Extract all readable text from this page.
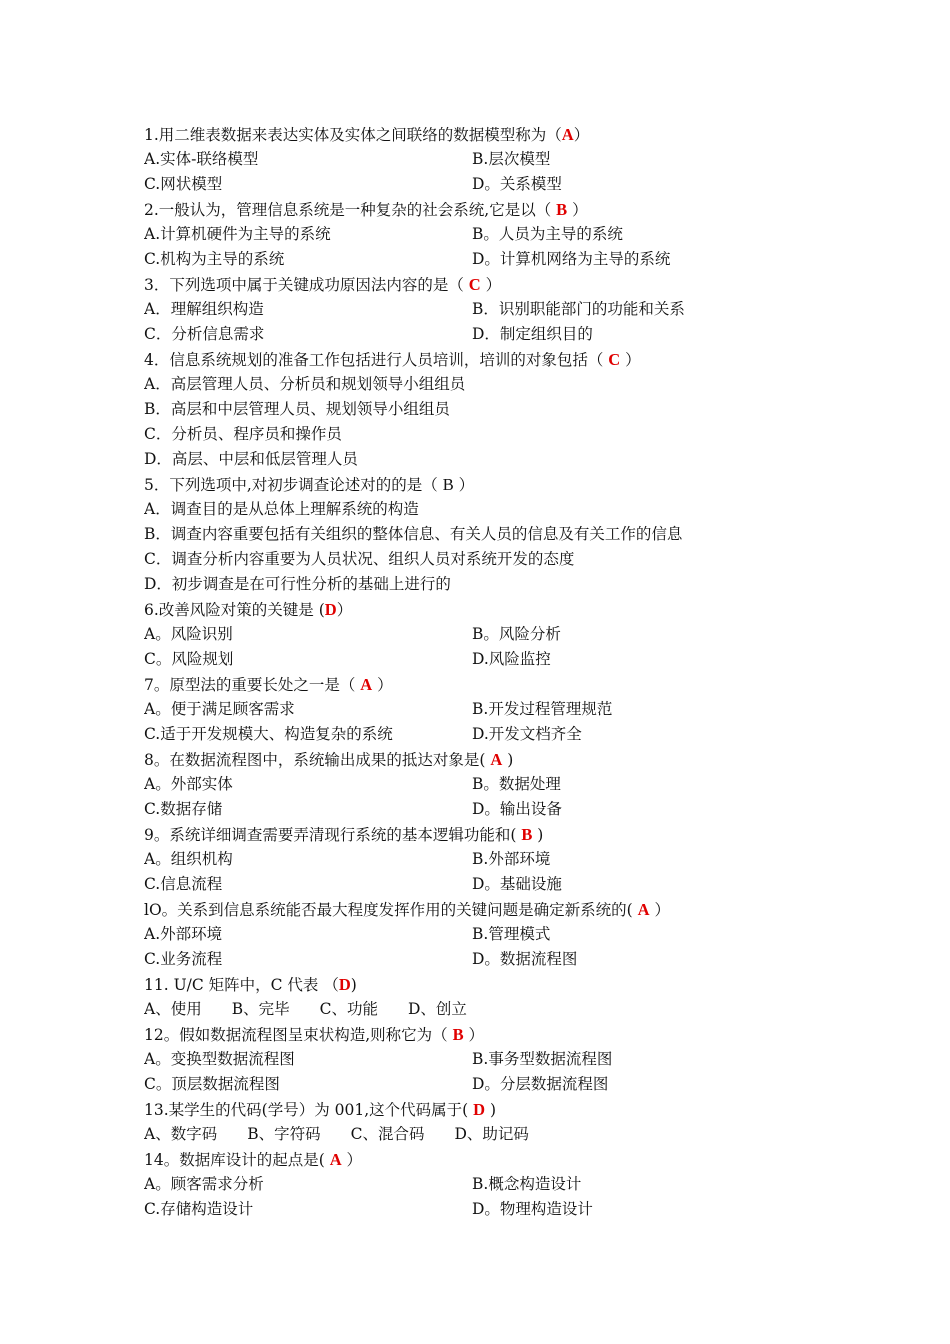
1.用二维表数据来表达实体及实体之间联络的数据模型称为（A）
A.实体-联络模型	B.层次模型
C.网状模型	D。关系模型
2.一般认为，管理信息系统是一种复杂的社会系统,它是以（ B ）
A.计算机硬件为主导的系统	B。人员为主导的系统
C.机构为主导的系统	D。计算机网络为主导的系统
3．下列选项中属于关键成功原因法内容的是（ C ）
A．理解组织构造	B．识别职能部门的功能和关系
C．分析信息需求	D．制定组织目的
4．信息系统规划的准备工作包括进行人员培训，培训的对象包括（ C ）
A．高层管理人员、分析员和规划领导小组组员
B．高层和中层管理人员、规划领导小组组员
C．分析员、程序员和操作员
D．高层、中层和低层管理人员
5．下列选项中,对初步调查论述对的的是（ B ）
A．调查目的是从总体上理解系统的构造
B．调查内容重要包括有关组织的整体信息、有关人员的信息及有关工作的信息
C．调查分析内容重要为人员状况、组织人员对系统开发的态度
D．初步调查是在可行性分析的基础上进行的
6.改善风险对策的关键是 (D）
A。风险识别	B。风险分析
C。风险规划	D.风险监控
7。原型法的重要长处之一是（ A ）
A。便于满足顾客需求	B.开发过程管理规范
C.适于开发规模大、构造复杂的系统	D.开发文档齐全
8。在数据流程图中，系统输出成果的抵达对象是( A )
A。外部实体	B。数据处理
C.数据存储	D。输出设备
9。系统详细调查需要弄清现行系统的基本逻辑功能和( B )
A。组织机构	B.外部环境
C.信息流程	D。基础设施
lO。关系到信息系统能否最大程度发挥作用的关键问题是确定新系统的( A ）
A.外部环境	B.管理模式
C.业务流程	D。数据流程图
11. U/C 矩阵中，C 代表 （D)
A、使用 B、完毕 C、功能 D、创立
12。假如数据流程图呈束状构造,则称它为（ B ）
A。变换型数据流程图	B.事务型数据流程图
C。顶层数据流程图	D。分层数据流程图
13.某学生的代码(学号）为 001,这个代码属于( D )
A、数字码 B、字符码 C、混合码 D、助记码
14。数据库设计的起点是( A ）
A。顾客需求分析	B.概念构造设计
C.存储构造设计	D。物理构造设计
